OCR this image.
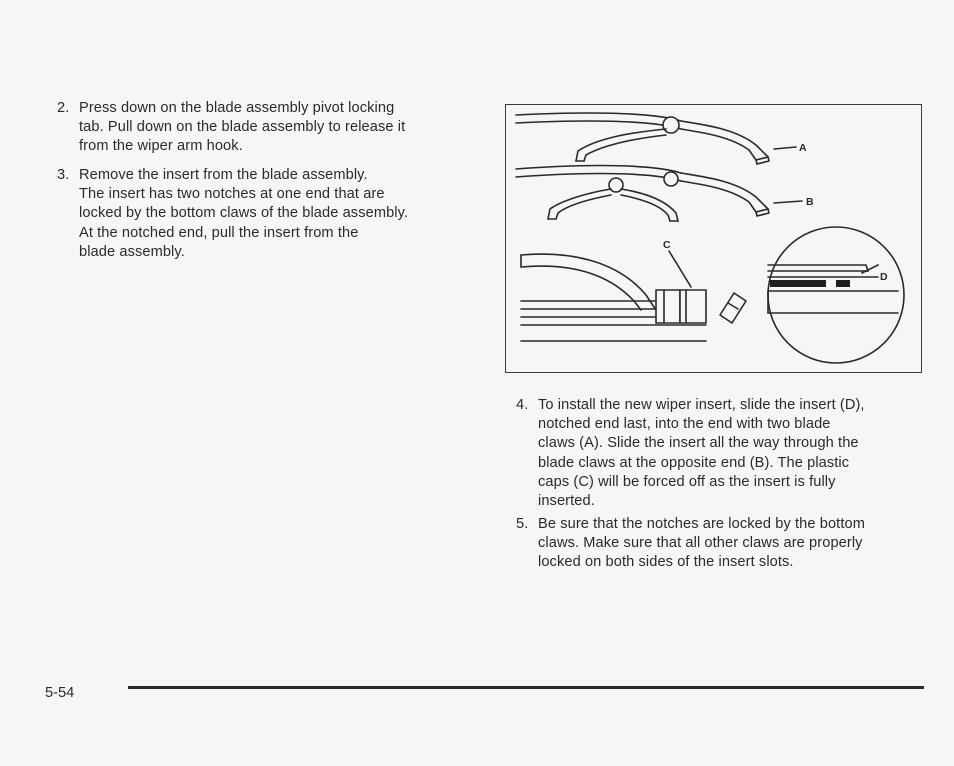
2. Press down on the blade assembly pivot locking
tab. Pull down on the blade assembly to release it
from the wiper arm hook.
3. Remove the insert from the blade assembly.
The insert has two notches at one end that are
locked by the bottom claws of the blade assembly.
At the notched end, pull the insert from the
blade assembly.
A
B
C
D
4. To install the new wiper insert, slide the insert (D),
notched end last, into the end with two blade
claws (A). Slide the insert all the way through the
blade claws at the opposite end (B). The plastic
caps (C) will be forced off as the insert is fully
inserted.
5. Be sure that the notches are locked by the bottom
claws. Make sure that all other claws are properly
locked on both sides of the insert slots.
5-54
